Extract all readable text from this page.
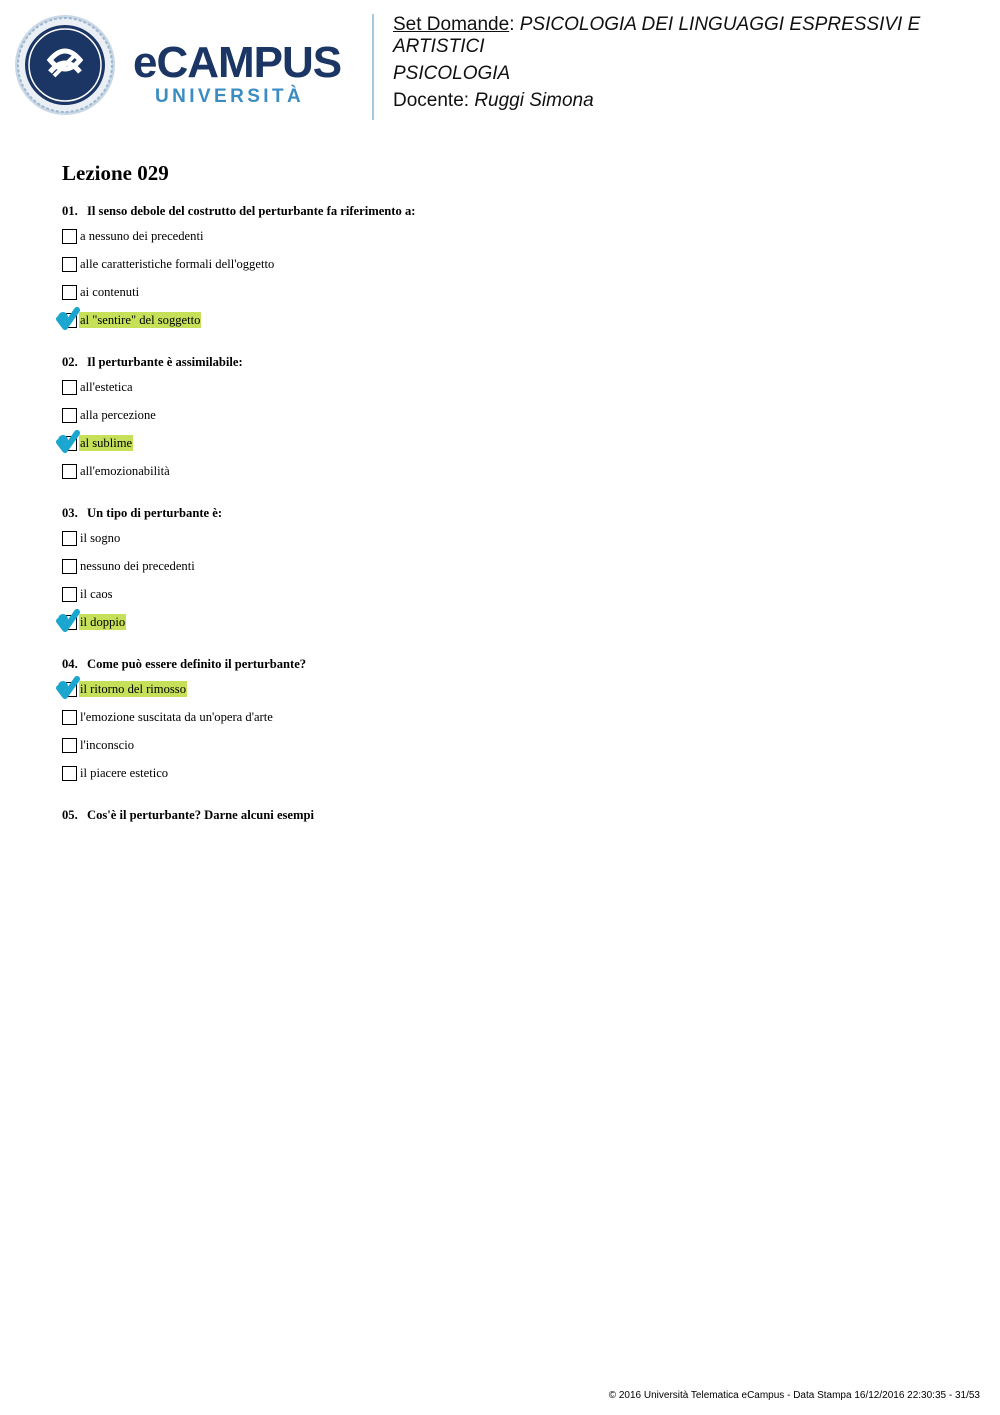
eCAMPUS
UNIVERSITÀ
Set Domande: PSICOLOGIA DEI LINGUAGGI ESPRESSIVI E ARTISTICI
PSICOLOGIA
Docente: Ruggi Simona
Lezione 029
01. Il senso debole del costrutto del perturbante fa riferimento a:
a nessuno dei precedenti
alle caratteristiche formali dell'oggetto
ai contenuti
al "sentire" del soggetto
02. Il perturbante è assimilabile:
all'estetica
alla percezione
al sublime
all'emozionabilità
03. Un tipo di perturbante è:
il sogno
nessuno dei precedenti
il caos
il doppio
04. Come può essere definito il perturbante?
il ritorno del rimosso
l'emozione suscitata da un'opera d'arte
l'inconscio
il piacere estetico
05. Cos'è il perturbante? Darne alcuni esempi
© 2016 Università Telematica eCampus - Data Stampa 16/12/2016 22:30:35 - 31/53
